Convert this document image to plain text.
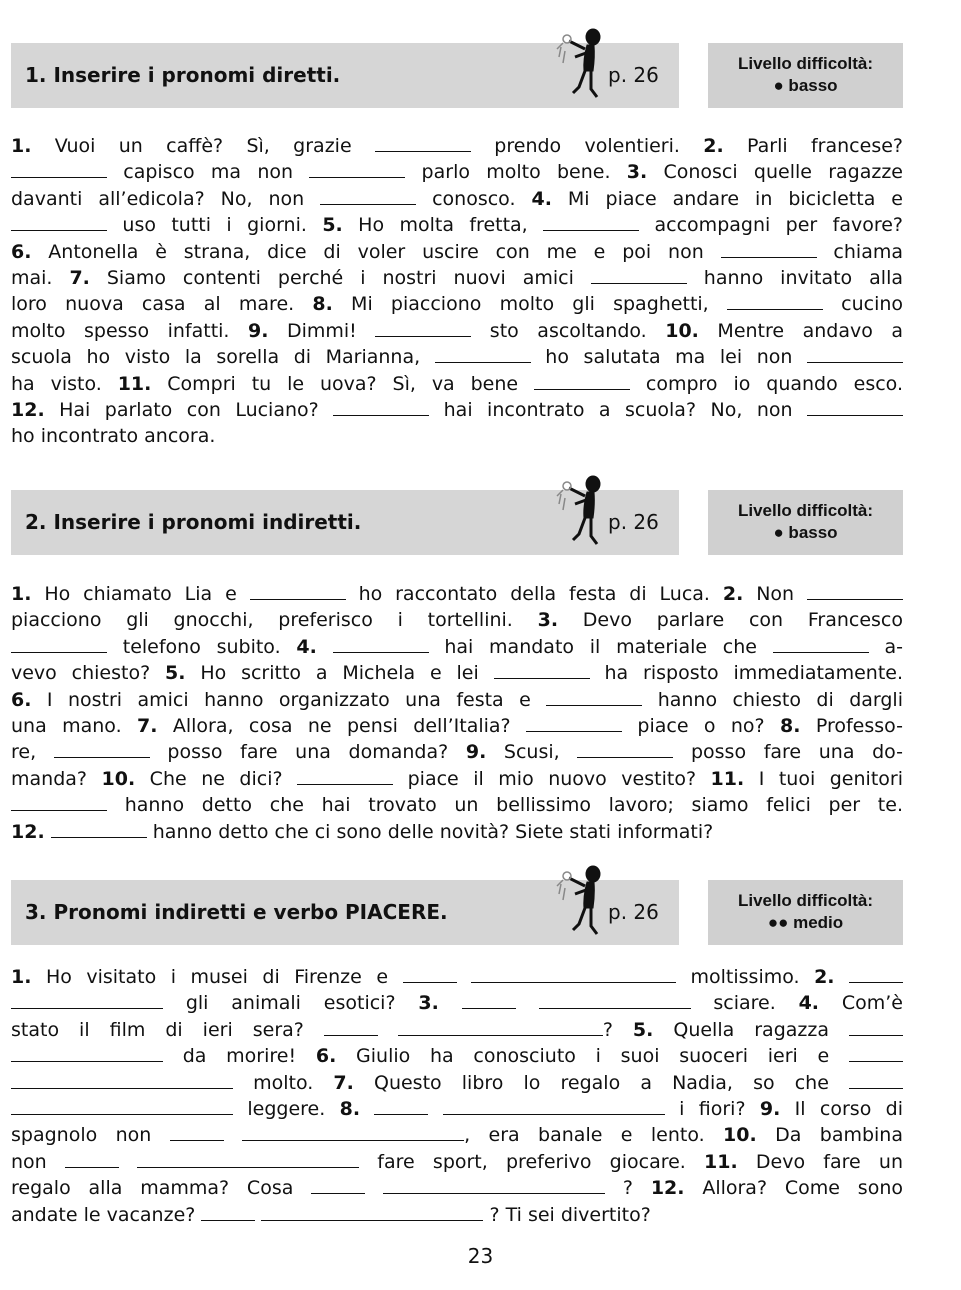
1. Inserire i pronomi diretti.	p. 26	Livello difficoltà:
● basso
1. Vuoi un caffè? Sì, grazie	prendo volentieri. 2. Parli francese?
capisco ma non	parlo molto bene. 3. Conosci quelle ragazze
davanti all’edicola? No, non	conosco. 4. Mi piace andare in bicicletta e
uso tutti i giorni. 5. Ho molta fretta,	accompagni per favore?
6. Antonella è strana, dice di voler uscire con me e poi non	chiama
mai. 7. Siamo contenti perché i nostri nuovi amici	hanno invitato alla
loro nuova casa al mare. 8. Mi piacciono molto gli spaghetti,	cucino
molto spesso infatti. 9. Dimmi!	sto ascoltando. 10. Mentre andavo a
scuola ho visto la sorella di Marianna,	ho salutata ma lei non
ha visto. 11. Compri tu le uova? Sì, va bene	compro io quando esco.
12. Hai parlato con Luciano?	hai incontrato a scuola? No, non
ho incontrato ancora.
2. Inserire i pronomi indiretti.	p. 26	Livello difficoltà:
● basso
1. Ho chiamato Lia e	ho raccontato della festa di Luca. 2. Non
piacciono gli gnocchi, preferisco i tortellini. 3. Devo parlare con Francesco
telefono subito. 4.	hai mandato il materiale che	a-
vevo chiesto? 5. Ho scritto a Michela e lei	ha risposto immediatamente.
6. I nostri amici hanno organizzato una festa e	hanno chiesto di dargli
una mano. 7. Allora, cosa ne pensi dell’Italia?	piace o no? 8. Professo-
re,	posso fare una domanda? 9. Scusi,	posso fare una do-
manda? 10. Che ne dici?	piace il mio nuovo vestito? 11. I tuoi genitori
hanno detto che hai trovato un bellissimo lavoro; siamo felici per te.
12.	hanno detto che ci sono delle novità? Siete stati informati?
3. Pronomi indiretti e verbo PIACERE.	p. 26	Livello difficoltà:
●● medio
1. Ho visitato i musei di Firenze e	moltissimo. 2.
gli animali esotici? 3.	sciare. 4. Com’è
stato il film di ieri sera?	? 5. Quella ragazza
da morire! 6. Giulio ha conosciuto i suoi suoceri ieri e
molto. 7. Questo libro lo regalo a Nadia, so che
leggere. 8.	i fiori? 9. Il corso di
spagnolo non	, era banale e lento. 10. Da bambina
non	fare sport, preferivo giocare. 11. Devo fare un
regalo alla mamma? Cosa	? 12. Allora? Come sono
andate le vacanze?	? Ti sei divertito?
23
